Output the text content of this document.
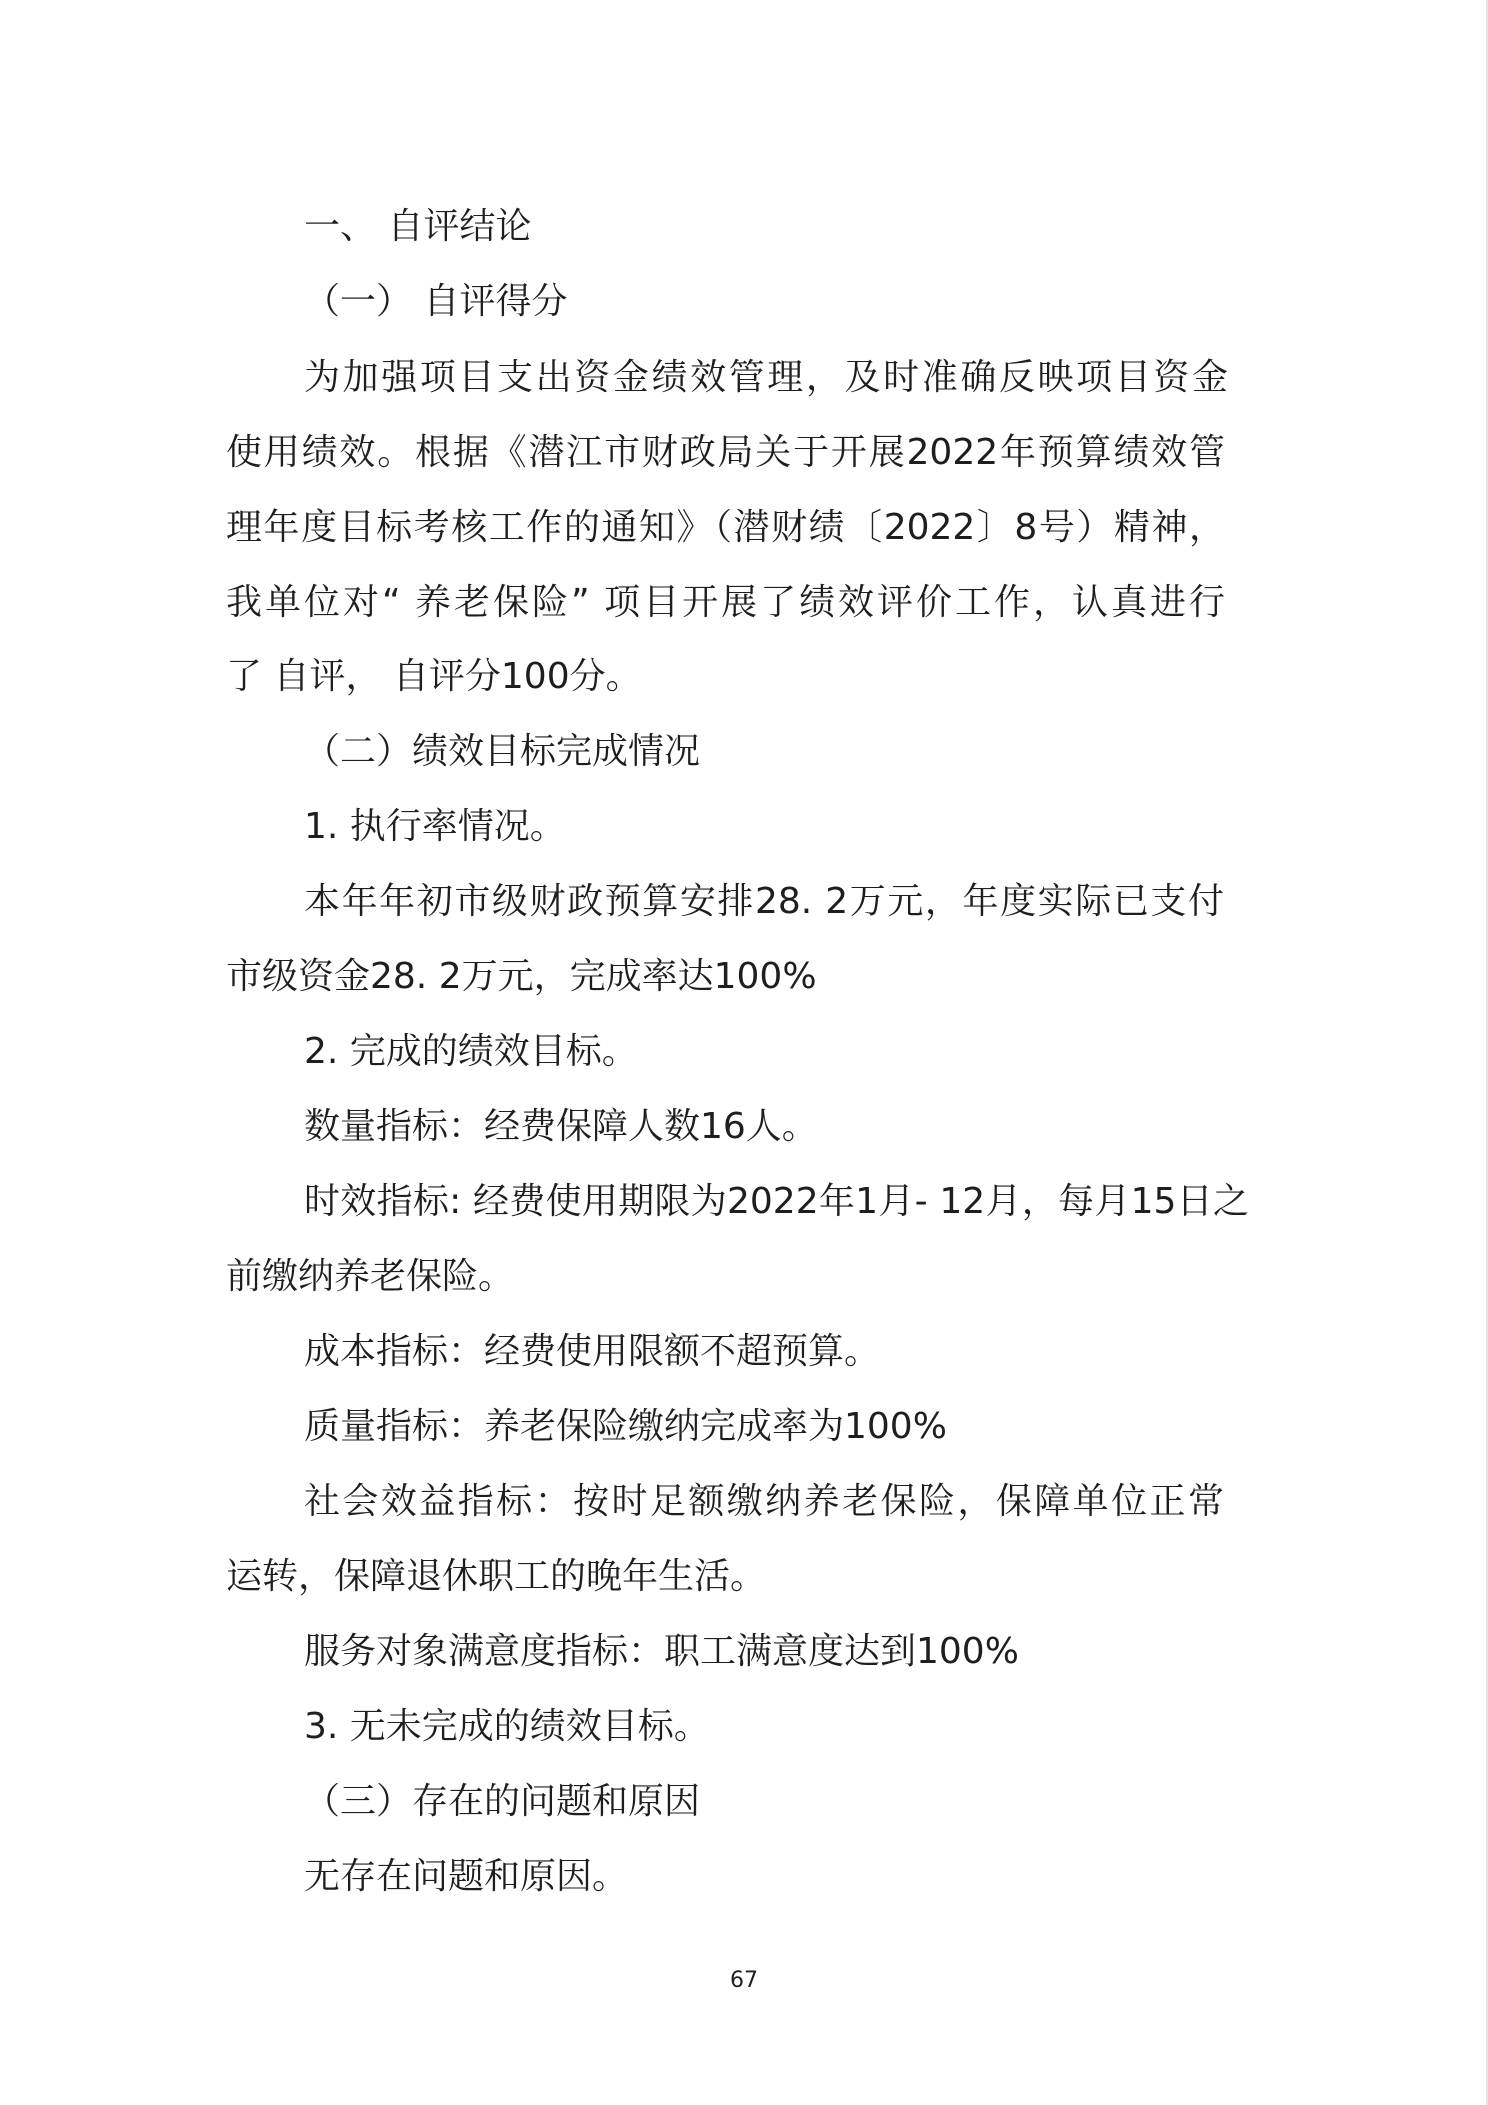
一、 自评结论

（一） 自评得分

为加强项目支出资金绩效管理，及时准确反映项目资金

使用绩效。根据《潜江市财政局关于开展2022年预算绩效管

理年度目标考核工作的通知》（潜财绩〔2022〕8号）精神，

我单位对“ 养老保险” 项目开展了绩效评价工作，认真进行

了 自评， 自评分100分。

（二）绩效目标完成情况

1. 执行率情况。

本年年初市级财政预算安排28. 2万元，年度实际已支付

市级资金28. 2万元，完成率达100%

2. 完成的绩效目标。

数量指标：经费保障人数16人。

时效指标: 经费使用期限为2022年1月- 12月，每月15日之

前缴纳养老保险。

成本指标：经费使用限额不超预算。

质量指标：养老保险缴纳完成率为100%

社会效益指标：按时足额缴纳养老保险，保障单位正常

运转，保障退休职工的晚年生活。

服务对象满意度指标：职工满意度达到100%

3. 无未完成的绩效目标。

（三）存在的问题和原因

无存在问题和原因。

67
